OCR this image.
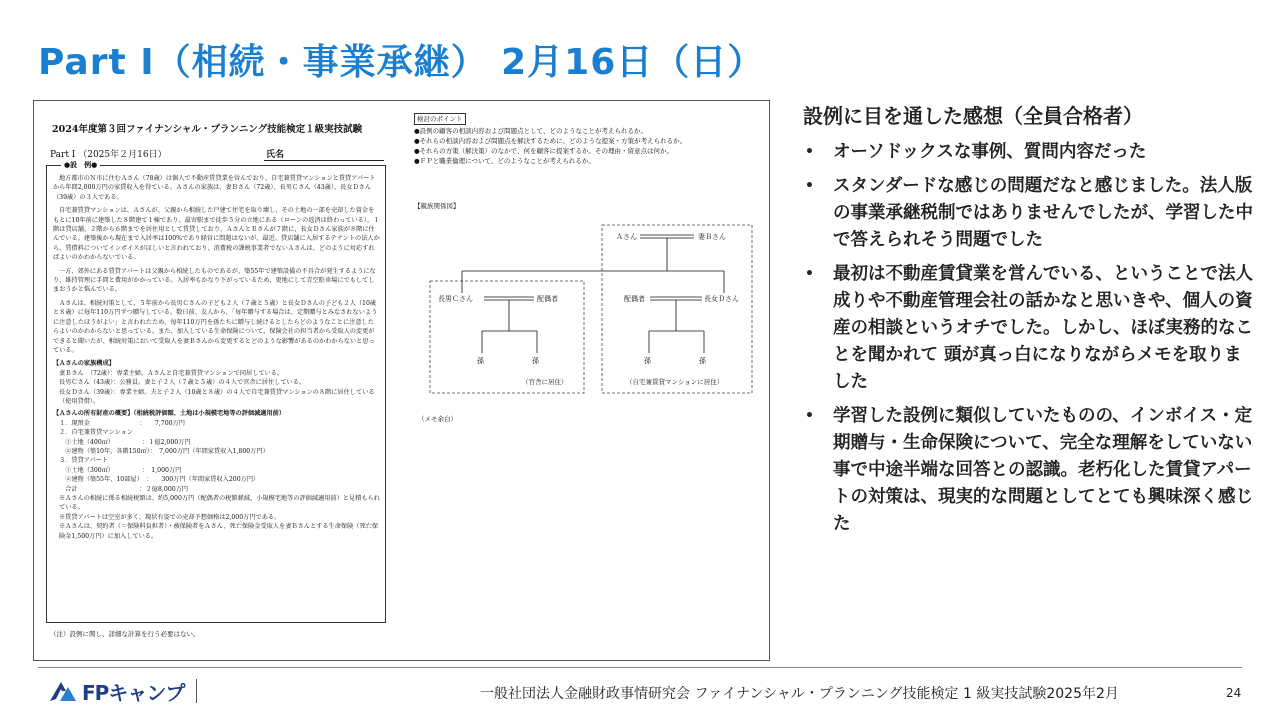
Part Ⅰ（相続・事業承継） 2月16日（日）
2024年度第３回ファイナンシャル・プランニング技能検定１級実技試験
Part Ⅰ （2025年２月16日）	氏名
●設　例●

地方都市のＮ市に住むＡさん（78歳）は個人で不動産賃貸業を営んでおり、自宅兼賃貸マンションと賃貸アパートから年間2,000万円の家賃収入を得ている。Ａさんの家族は、妻Ｂさん（72歳）、長男Ｃさん（43歳）、長女Ｄさん（39歳）の３人である。

自宅兼賃貸マンションは、Ａさんが、父親から相続した戸建て住宅を取り壊し、その土地の一部を売却した資金をもとに10年前に建築した８階建て１棟であり、最寄駅まで徒歩５分の立地にある（ローンの返済は終わっている）。１階は貸店舗、２階から６階までを居住用として賃貸しており、ＡさんとＢさんが７階に、長女Ｄさん家族が８階に住んでいる。建築後から現在まで入居率は100%であり経営に問題はないが、最近、貸店舗に入居するテナントの法人から、賃借料についてインボイスがほしいと言われており、消費税の課税事業者でないＡさんは、どのように対応すればよいのかわからないでいる。

一方、郊外にある賃貸アパートは父親から相続したものであるが、築55年で建築設備の不具合が発生するようになり、維持管理に手間と費用がかかっている。入居率もかなり下がっているため、更地にして青空駐車場にでもしてしまおうかと悩んでいる。

Ａさんは、相続対策として、５年前から長男Ｃさんの子ども２人（７歳と５歳）と長女Ｄさんの子ども２人（10歳と８歳）に毎年110万円ずつ贈与している。数日前、友人から、「毎年贈与する場合は、定期贈与とみなされないように注意したほうがよい」と言われたため、毎年110万円を孫たちに贈与し続けるとしたらどのようなことに注意したらよいのかわからないと思っている。また、加入している生命保険について、保険会社の担当者から受取人の変更ができると聞いたが、相続対策において受取人を妻Ｂさんから変更するとどのような影響があるのかわからないと思っている。

【Ａさんの家族構成】
妻Ｂさん　（72歳）：専業主婦。Ａさんと自宅兼賃貸マンションで同居している。
長男Ｃさん（43歳）：公務員。妻と子２人（７歳と５歳）の４人で官舎に居住している。
長女Ｄさん（39歳）：専業主婦。夫と子２人（10歳と８歳）の４人で自宅兼賃貸マンションの８階に居住している（使用貸借）。
【Ａさんの所有財産の概要】（相続税評価額、土地は小規模宅地等の評価減適用前）
１．現預金　　　　　　　　：　　7,700万円
２．自宅兼賃貸マンション
　①土地（400㎡）　　　　　：１億2,000万円
　②建物（築10年、各階150㎡）：　7,000万円（年間家賃収入1,800万円）
３．賃貸アパート
　①土地（300㎡）　　　　　：　1,000万円
　②建物（築55年、10部屋）　：　　300万円（年間家賃収入200万円）
　合計　　　　　　　　　　：２億8,000万円
※Ａさんの相続に係る相続税額は、約5,000万円（配偶者の税額軽減、小規模宅地等の評価減適用前）と見積もられている。
※賃貸アパートは空室が多く、現状有姿での売却予想価格は2,000万円である。
※Ａさんは、契約者（＝保険料負担者）・被保険者をＡさん、死亡保険金受取人を妻Ｂさんとする生命保険（死亡保険金1,500万円）に加入している。
（注）設例に関し、詳細な計算を行う必要はない。
検討のポイント
●設例の顧客の相談内容および問題点として、どのようなことが考えられるか。
●それらの相談内容および問題点を解決するために、どのような提案・方策が考えられるか。
●それらの方策（解決策）のなかで、何を顧客に提案するか。その理由・留意点は何か。
●ＦＰと職業倫理について、どのようなことが考えられるか。
【親族関係図】
Ａさん	妻Ｂさん
長男Ｃさん	配偶者
孫	孫
（官舎に居住）
配偶者	長女Ｄさん
孫	孫
（自宅兼賃貸マンションに居住）
（メモ余白）
設例に目を通した感想（全員合格者）
• オーソドックスな事例、質問内容だった
• スタンダードな感じの問題だなと感じました。法人版の事業承継税制ではありませんでしたが、学習した中で答えられそう問題でした
• 最初は不動産賃貸業を営んでいる、ということで法人成りや不動産管理会社の話かなと思いきや、個人の資産の相談というオチでした。しかし、ほぼ実務的なことを聞かれて 頭が真っ白になりながらメモを取りました
• 学習した設例に類似していたものの、インボイス・定期贈与・生命保険について、完全な理解をしていない事で中途半端な回答との認識。老朽化した賃貸アパートの対策は、現実的な問題としてとても興味深く感じた
FPキャンプ	一般社団法人金融財政事情研究会 ファイナンシャル・プランニング技能検定 1 級実技試験2025年2月	24
